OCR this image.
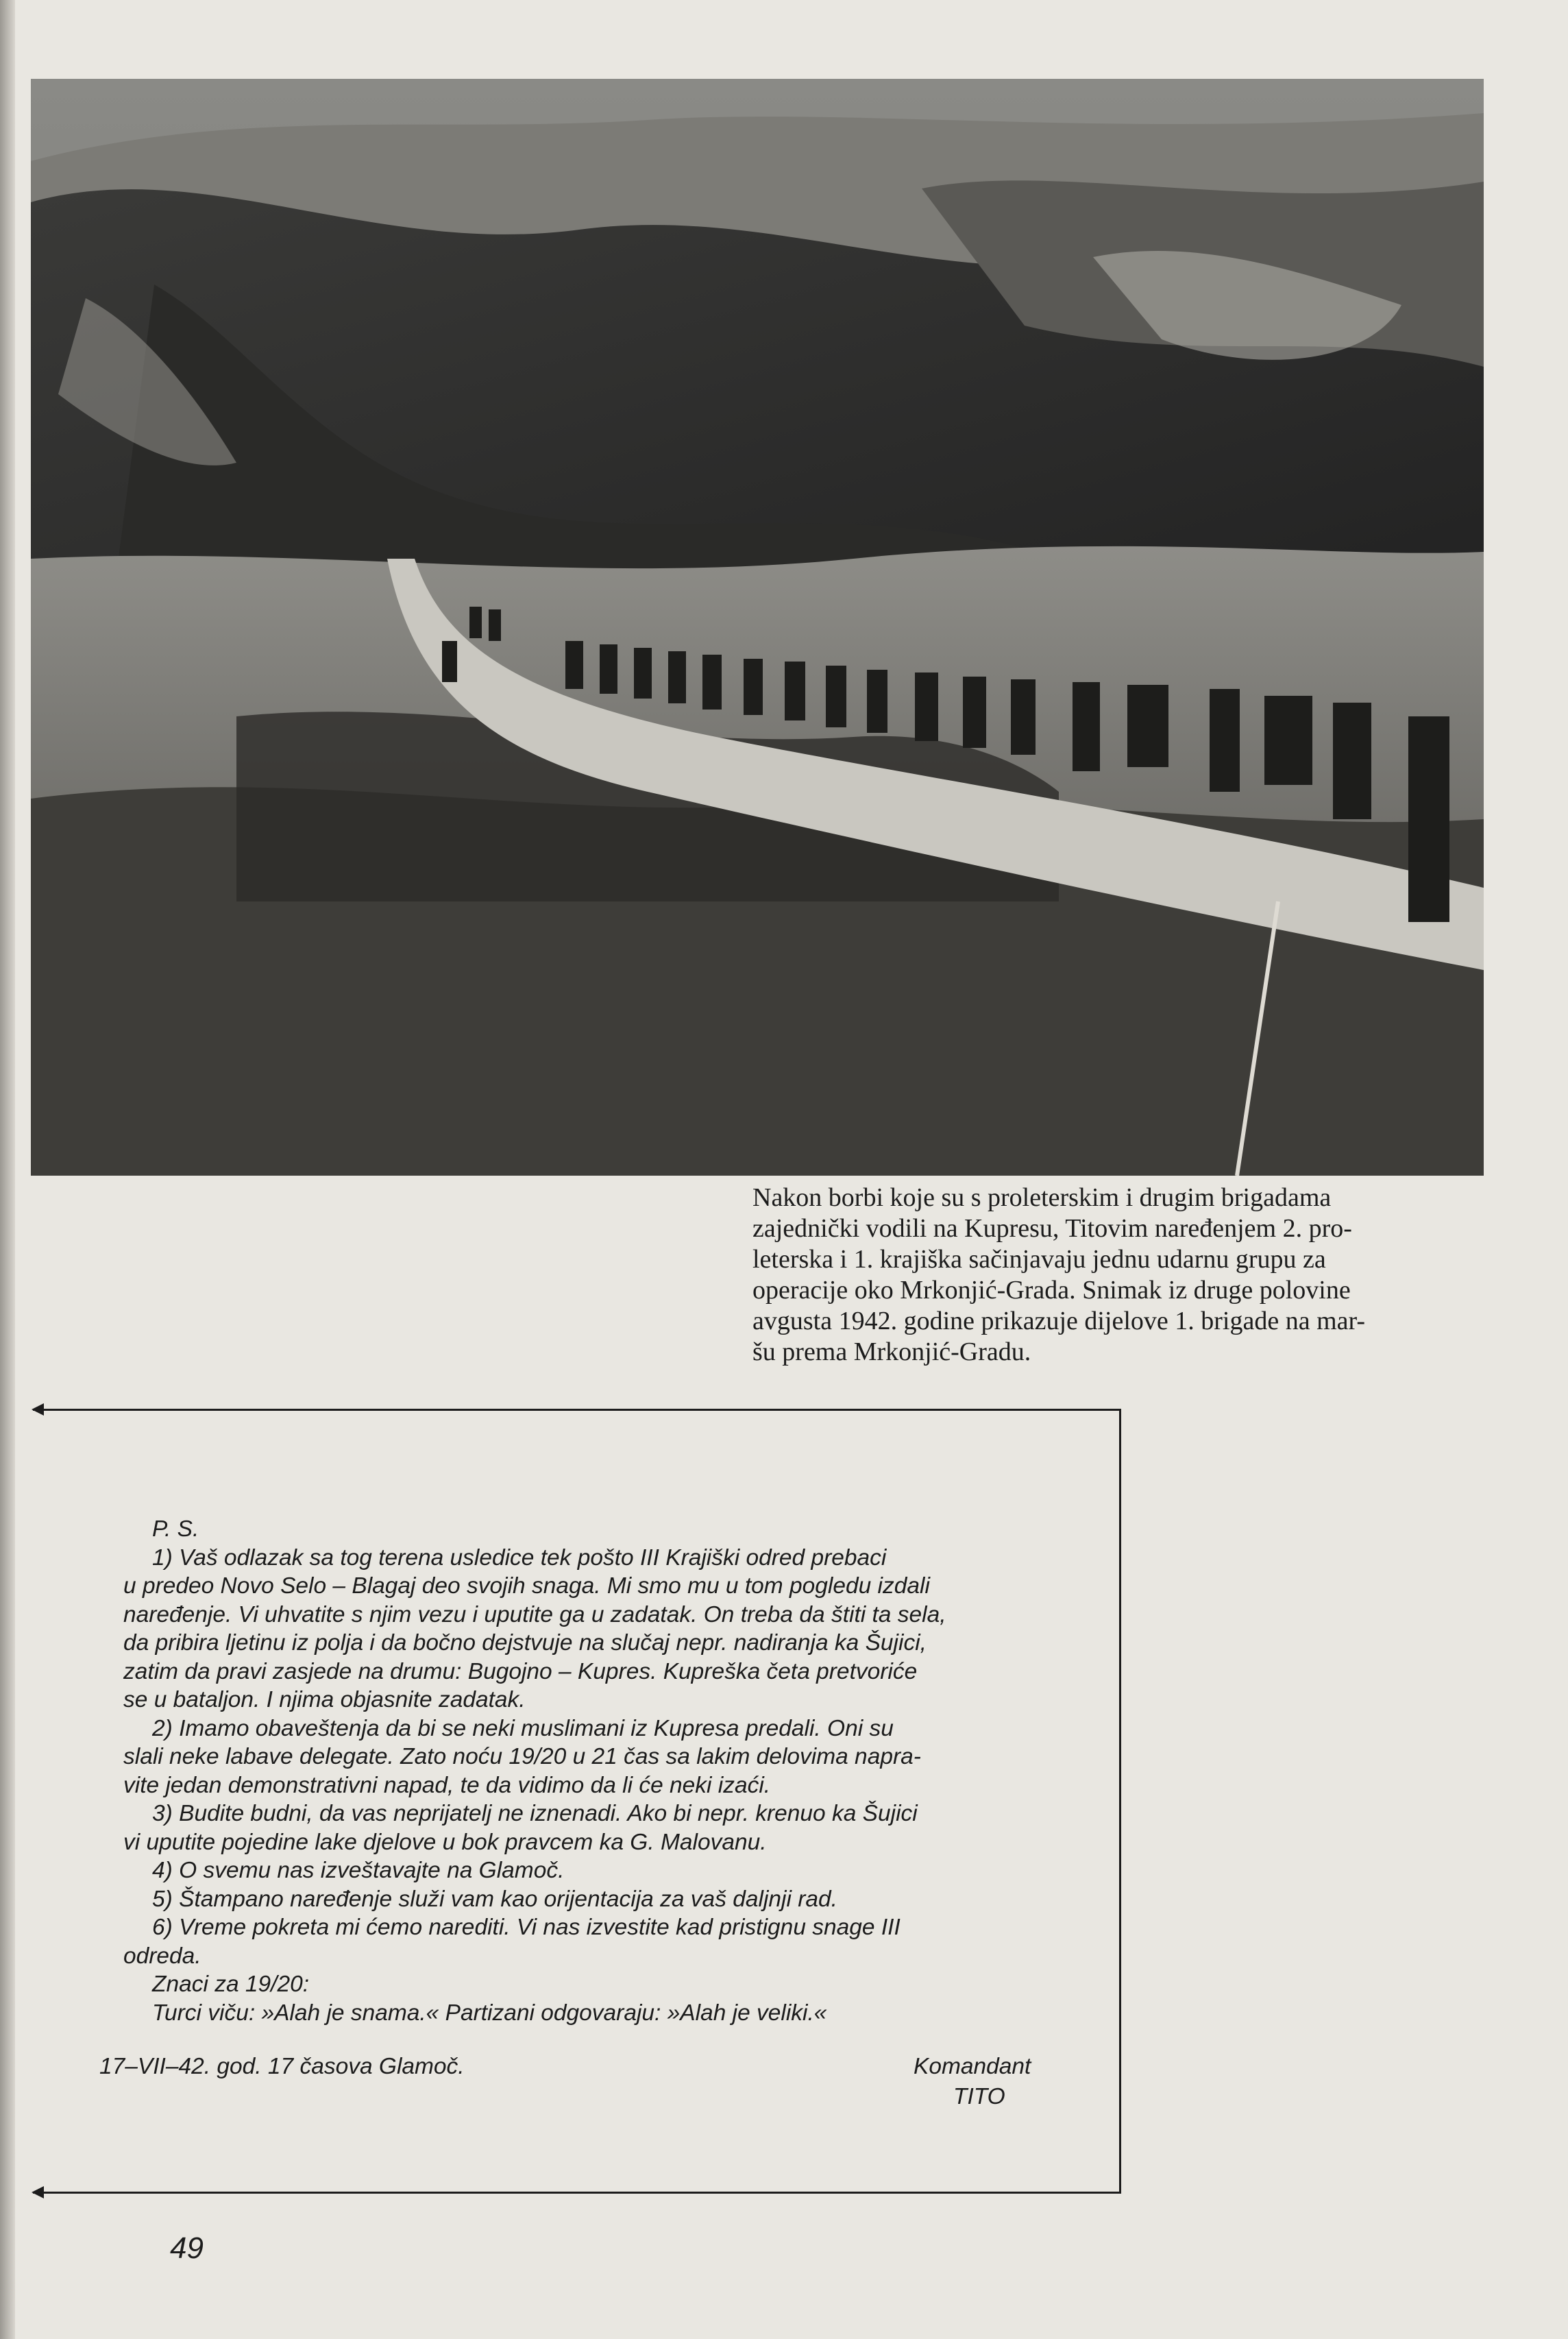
Nakon borbi koje su s proleterskim i drugim brigadama
zajednički vodili na Kupresu, Titovim naređenjem 2. pro-
leterska i 1. krajiška sačinjavaju jednu udarnu grupu za
operacije oko Mrkonjić-Grada. Snimak iz druge polovine
avgusta 1942. godine prikazuje dijelove 1. brigade na mar-
šu prema Mrkonjić-Gradu.
P. S.
1) Vaš odlazak sa tog terena usledice tek pošto III Krajiški odred prebaci
u predeo Novo Selo – Blagaj deo svojih snaga. Mi smo mu u tom pogledu izdali
naređenje. Vi uhvatite s njim vezu i uputite ga u zadatak. On treba da štiti ta sela,
da pribira ljetinu iz polja i da bočno dejstvuje na slučaj nepr. nadiranja ka Šujici,
zatim da pravi zasjede na drumu: Bugojno – Kupres. Kupreška četa pretvoriće
se u bataljon. I njima objasnite zadatak.
2) Imamo obaveštenja da bi se neki muslimani iz Kupresa predali. Oni su
slali neke labave delegate. Zato noću 19/20 u 21 čas sa lakim delovima napra-
vite jedan demonstrativni napad, te da vidimo da li će neki izaći.
3) Budite budni, da vas neprijatelj ne iznenadi. Ako bi nepr. krenuo ka Šujici
vi uputite pojedine lake djelove u bok pravcem ka G. Malovanu.
4) O svemu nas izveštavajte na Glamoč.
5) Štampano naređenje služi vam kao orijentacija za vaš daljnji rad.
6) Vreme pokreta mi ćemo narediti. Vi nas izvestite kad pristignu snage III
odreda.
Znaci za 19/20:
Turci viču: »Alah je snama.« Partizani odgovaraju: »Alah je veliki.«
17–VII–42. god. 17 časova Glamoč.	Komandant
TITO
49
